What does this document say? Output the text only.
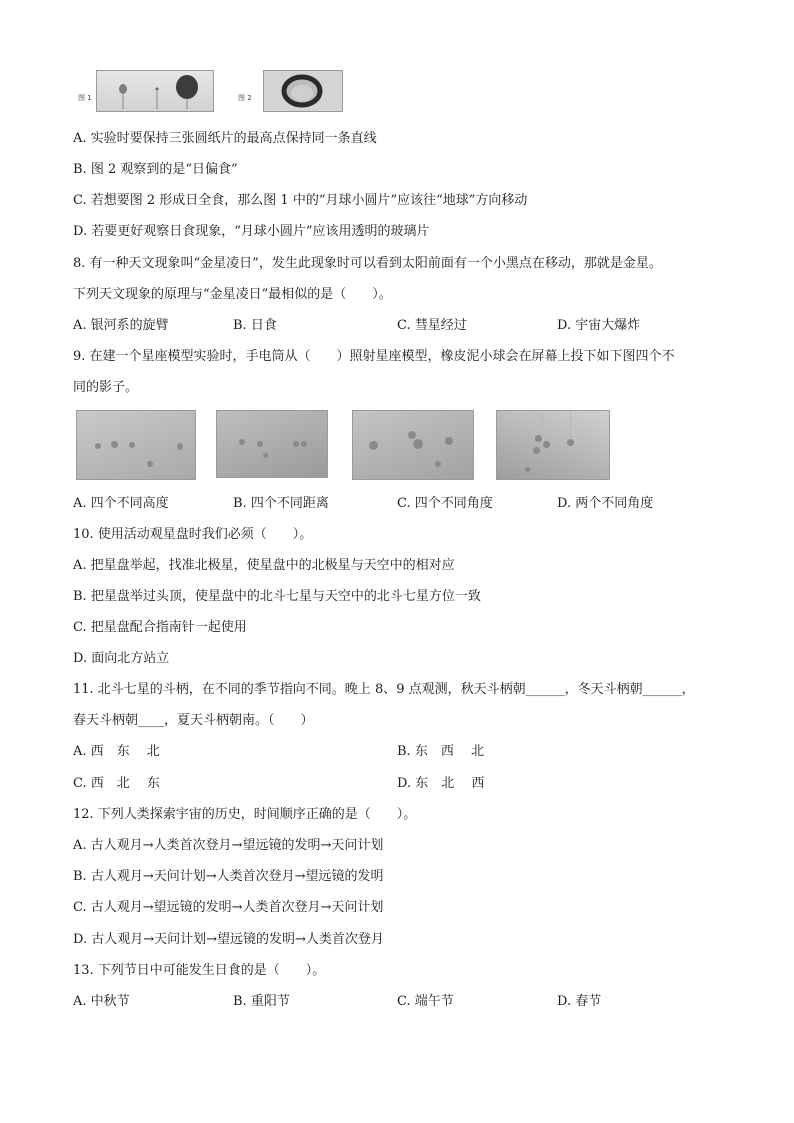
图 1	图 2
A. 实验时要保持三张圆纸片的最高点保持同一条直线
B. 图 2 观察到的是“日偏食”
C. 若想要图 2 形成日全食，那么图 1 中的“月球小圆片”应该往“地球”方向移动
D. 若要更好观察日食现象，“月球小圆片”应该用透明的玻璃片
8. 有一种天文现象叫“金星凌日”，发生此现象时可以看到太阳前面有一个小黑点在移动，那就是金星。
下列天文现象的原理与“金星凌日”最相似的是（　　）。
A. 银河系的旋臂	B. 日食	C. 彗星经过	D. 宇宙大爆炸
9. 在建一个星座模型实验时，手电筒从（　　）照射星座模型，橡皮泥小球会在屏幕上投下如下图四个不
同的影子。
A. 四个不同高度	B. 四个不同距离	C. 四个不同角度	D. 两个不同角度
10. 使用活动观星盘时我们必须（　　）。
A. 把星盘举起，找准北极星，使星盘中的北极星与天空中的相对应
B. 把星盘举过头顶，使星盘中的北斗七星与天空中的北斗七星方位一致
C. 把星盘配合指南针一起使用
D. 面向北方站立
11. 北斗七星的斗柄，在不同的季节指向不同。晚上 8、9 点观测，秋天斗柄朝______，冬天斗柄朝______，
春天斗柄朝____，夏天斗柄朝南。（　　）
A. 西　东　 北	B. 东　西　 北
C. 西　北　 东	D. 东　北　 西
12. 下列人类探索宇宙的历史，时间顺序正确的是（　　）。
A. 古人观月→人类首次登月→望远镜的发明→天问计划
B. 古人观月→天问计划→人类首次登月→望远镜的发明
C. 古人观月→望远镜的发明→人类首次登月→天问计划
D. 古人观月→天问计划→望远镜的发明→人类首次登月
13. 下列节日中可能发生日食的是（　　）。
A. 中秋节	B. 重阳节	C. 端午节	D. 春节
